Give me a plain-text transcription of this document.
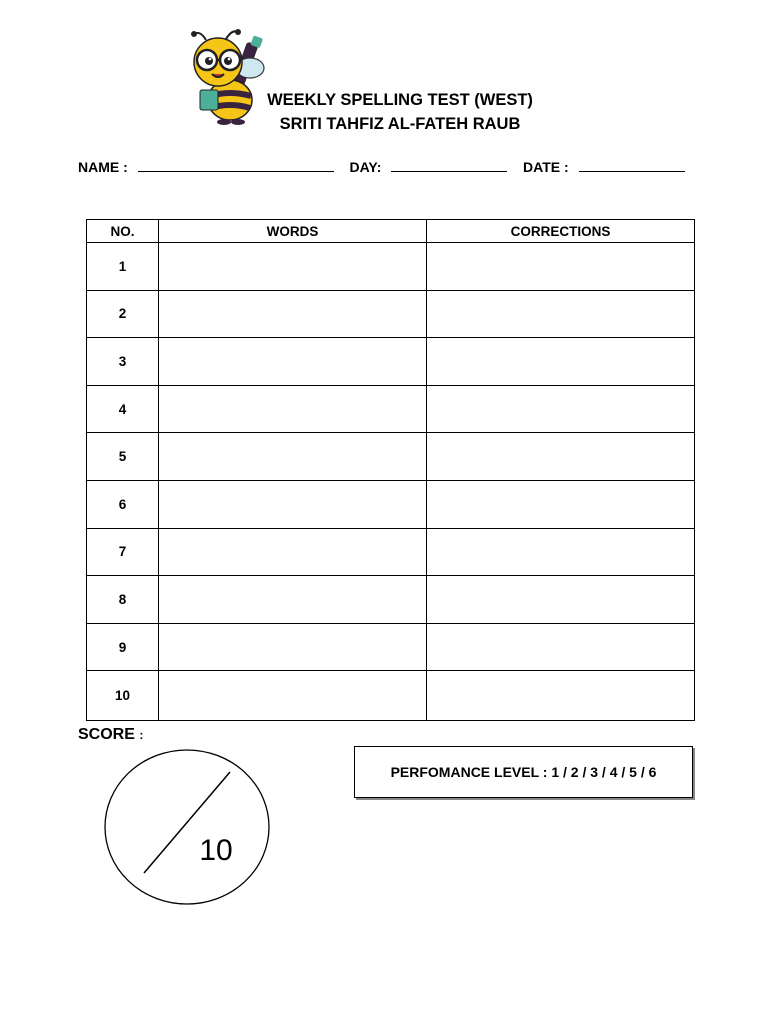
WEEKLY SPELLING TEST (WEST)
SRITI TAHFIZ AL-FATEH RAUB
NAME :	DAY:	DATE :
NO.	WORDS	CORRECTIONS
1		
2		
3		
4		
5		
6		
7		
8		
9		
10		
SCORE :
10
PERFOMANCE LEVEL : 1 / 2 / 3 / 4 / 5 / 6
